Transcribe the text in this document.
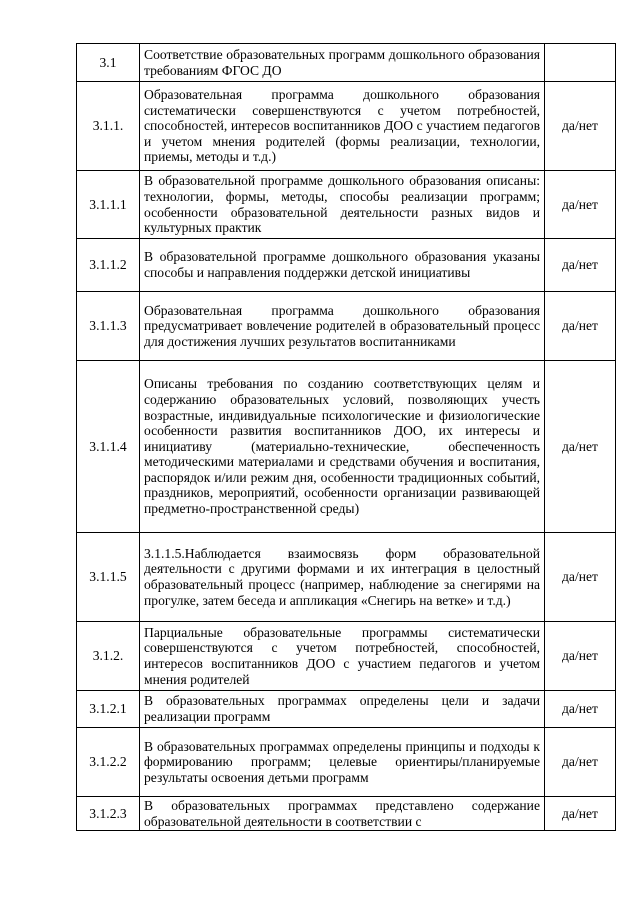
3.1	Соответствие образовательных программ дошкольного образования требованиям ФГОС ДО	

3.1.1.	Образовательная программа дошкольного образования систематически совершенствуются с учетом потребностей, способностей, интересов воспитанников ДОО с участием педагогов и учетом мнения родителей (формы реализации, технологии, приемы, методы и т.д.)	да/нет
3.1.1.1	В образовательной программе дошкольного образования описаны: технологии, формы, методы, способы реализации программ; особенности образовательной деятельности разных видов и культурных практик	да/нет
3.1.1.2	В образовательной программе дошкольного образования указаны способы и направления поддержки детской инициативы	да/нет
3.1.1.3	Образовательная программа дошкольного образования предусматривает вовлечение родителей в образовательный процесс для достижения лучших результатов воспитанниками	да/нет
3.1.1.4	Описаны требования по созданию соответствующих целям и содержанию образовательных условий, позволяющих учесть возрастные, индивидуальные психологические и физиологические особенности развития воспитанников ДОО, их интересы и инициативу (материально-технические, обеспеченность методическими материалами и средствами обучения и воспитания, распорядок и/или режим дня, особенности традиционных событий, праздников, мероприятий, особенности организации развивающей предметно-пространственной среды)	да/нет
3.1.1.5	3.1.1.5.Наблюдается взаимосвязь форм образовательной деятельности с другими формами и их интеграция в целостный образовательный процесс (например, наблюдение за снегирями на прогулке, затем беседа и аппликация «Снегирь на ветке» и т.д.)	да/нет
3.1.2.	Парциальные образовательные программы систематически совершенствуются с учетом потребностей, способностей, интересов воспитанников ДОО с участием педагогов и учетом мнения родителей	да/нет
3.1.2.1	В образовательных программах определены цели и задачи реализации программ	да/нет
3.1.2.2	В образовательных программах определены принципы и подходы к формированию программ; целевые ориентиры/планируемые результаты освоения детьми программ	да/нет
3.1.2.3	В образовательных программах представлено содержание образовательной деятельности в соответствии с	да/нет
